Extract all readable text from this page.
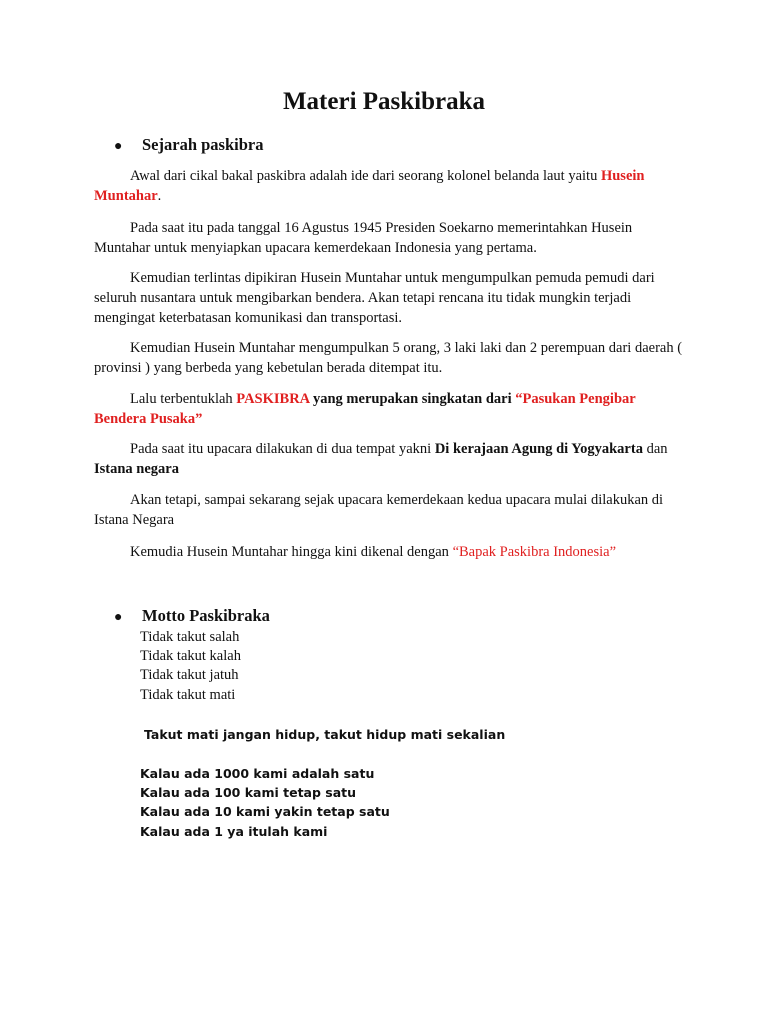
Materi Paskibraka

● Sejarah paskibra

Awal dari cikal bakal paskibra adalah ide dari seorang kolonel belanda laut yaitu Husein Muntahar.

Pada saat itu pada tanggal 16 Agustus 1945 Presiden Soekarno memerintahkan Husein Muntahar untuk menyiapkan upacara kemerdekaan Indonesia yang pertama.

Kemudian terlintas dipikiran Husein Muntahar untuk mengumpulkan pemuda pemudi dari seluruh nusantara untuk mengibarkan bendera. Akan tetapi rencana itu tidak mungkin terjadi mengingat keterbatasan komunikasi dan transportasi.

Kemudian Husein Muntahar mengumpulkan 5 orang, 3 laki laki dan 2 perempuan dari daerah ( provinsi ) yang berbeda yang kebetulan berada ditempat itu.

Lalu terbentuklah PASKIBRA yang merupakan singkatan dari “Pasukan Pengibar Bendera Pusaka”

Pada saat itu upacara dilakukan di dua tempat yakni Di kerajaan Agung di Yogyakarta dan Istana negara

Akan tetapi, sampai sekarang sejak upacara kemerdekaan kedua upacara mulai dilakukan di Istana Negara

Kemudia Husein Muntahar hingga kini dikenal dengan “Bapak Paskibra Indonesia”

● Motto Paskibraka

Tidak takut salah

Tidak takut kalah

Tidak takut jatuh

Tidak takut mati

Takut mati jangan hidup, takut hidup mati sekalian

Kalau ada 1000 kami adalah satu

Kalau ada 100 kami tetap satu

Kalau ada 10 kami yakin tetap satu

Kalau ada 1 ya itulah kami
